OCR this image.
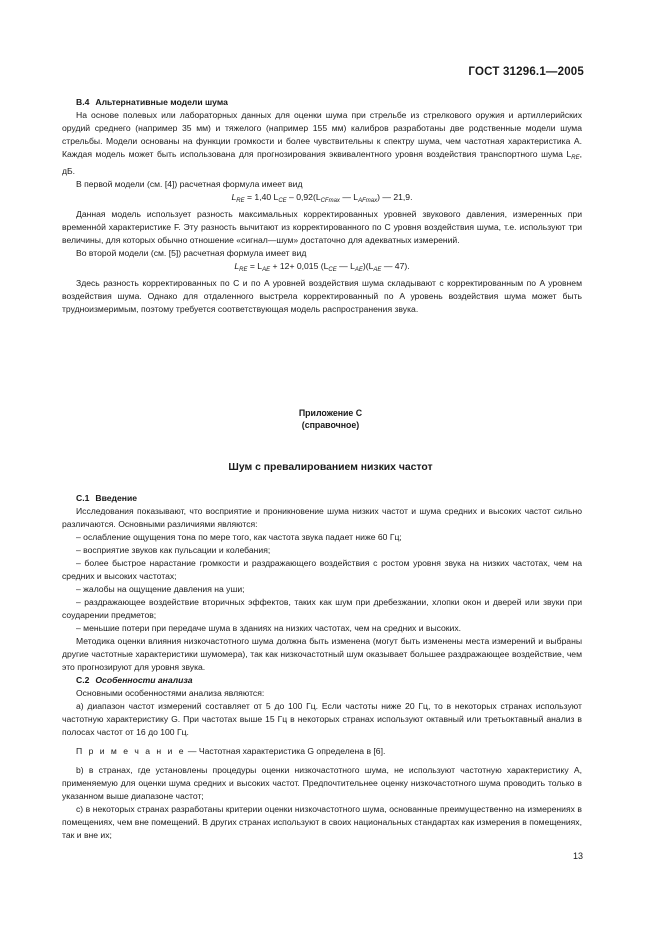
ГОСТ 31296.1—2005

B.4 Альтернативные модели шума

На основе полевых или лабораторных данных для оценки шума при стрельбе из стрелкового оружия и артиллерийских орудий среднего (например 35 мм) и тяжелого (например 155 мм) калибров разработаны две родственные модели шума стрельбы. Модели основаны на функции громкости и более чувствительны к спектру шума, чем частотная характеристика А. Каждая модель может быть использована для прогнозирования эквивалентного уровня воздействия транспортного шума $L_{RE}$, дБ.

В первой модели (см. [4]) расчетная формула имеет вид

$L_{RE} = 1,40$ $L_{CE} - 0,92(L_{CFmax}$ — $L_{AFmax}$) — 21,9.

Данная модель использует разность максимальных корректированных уровней звукового давления, измеренных при временнóй характеристике F. Эту разность вычитают из корректированного по C уровня воздействия шума, т.е. используют три величины, для которых обычно отношение «сигнал—шум» достаточно для адекватных измерений.

Во второй модели (см. [5]) расчетная формула имеет вид

$L_{RE} = L_{AE} + 12+ 0,015$ ($L_{CE}$ — $L_{AE})(L_{AE}$ — 47).

Здесь разность корректированных по C и по A уровней воздействия шума складывают с корректированным по A уровнем воздействия шума. Однако для отдаленного выстрела корректированный по A уровень воздействия шума может быть трудноизмеримым, поэтому требуется соответствующая модель распространения звука.

Приложение С
(справочное)
Шум с превалированием низких частот

С.1 Введение

Исследования показывают, что восприятие и проникновение шума низких частот и шума средних и высоких частот сильно различаются. Основными различиями являются:

– ослабление ощущения тона по мере того, как частота звука падает ниже 60 Гц;

– восприятие звуков как пульсации и колебания;

– более быстрое нарастание громкости и раздражающего воздействия с ростом уровня звука на низких частотах, чем на средних и высоких частотах;

– жалобы на ощущение давления на уши;

– раздражающее воздействие вторичных эффектов, таких как шум при дребезжании, хлопки окон и дверей или звуки при соударении предметов;

– меньшие потери при передаче шума в зданиях на низких частотах, чем на средних и высоких.

Методика оценки влияния низкочастотного шума должна быть изменена (могут быть изменены места измерений и выбраны другие частотные характеристики шумомера), так как низкочастотный шум оказывает большее раздражающее воздействие, чем это прогнозируют для уровня звука.

С.2 Особенности анализа

Основными особенностями анализа являются:

a) диапазон частот измерений составляет от 5 до 100 Гц. Если частоты ниже 20 Гц, то в некоторых странах используют частотную характеристику G. При частотах выше 15 Гц в некоторых странах используют октавный или третьоктавный анализ в полосах частот от 16 до 100 Гц.

П р и м е ч а н и е — Частотная характеристика G определена в [6].

b) в странах, где установлены процедуры оценки низкочастотного шума, не используют частотную характеристику A, применяемую для оценки шума средних и высоких частот. Предпочтительнее оценку низкочастотного шума проводить только в указанном выше диапазоне частот;

c) в некоторых странах разработаны критерии оценки низкочастотного шума, основанные преимущественно на измерениях в помещениях, чем вне помещений. В других странах используют в своих национальных стандартах как измерения в помещениях, так и вне их;

13
